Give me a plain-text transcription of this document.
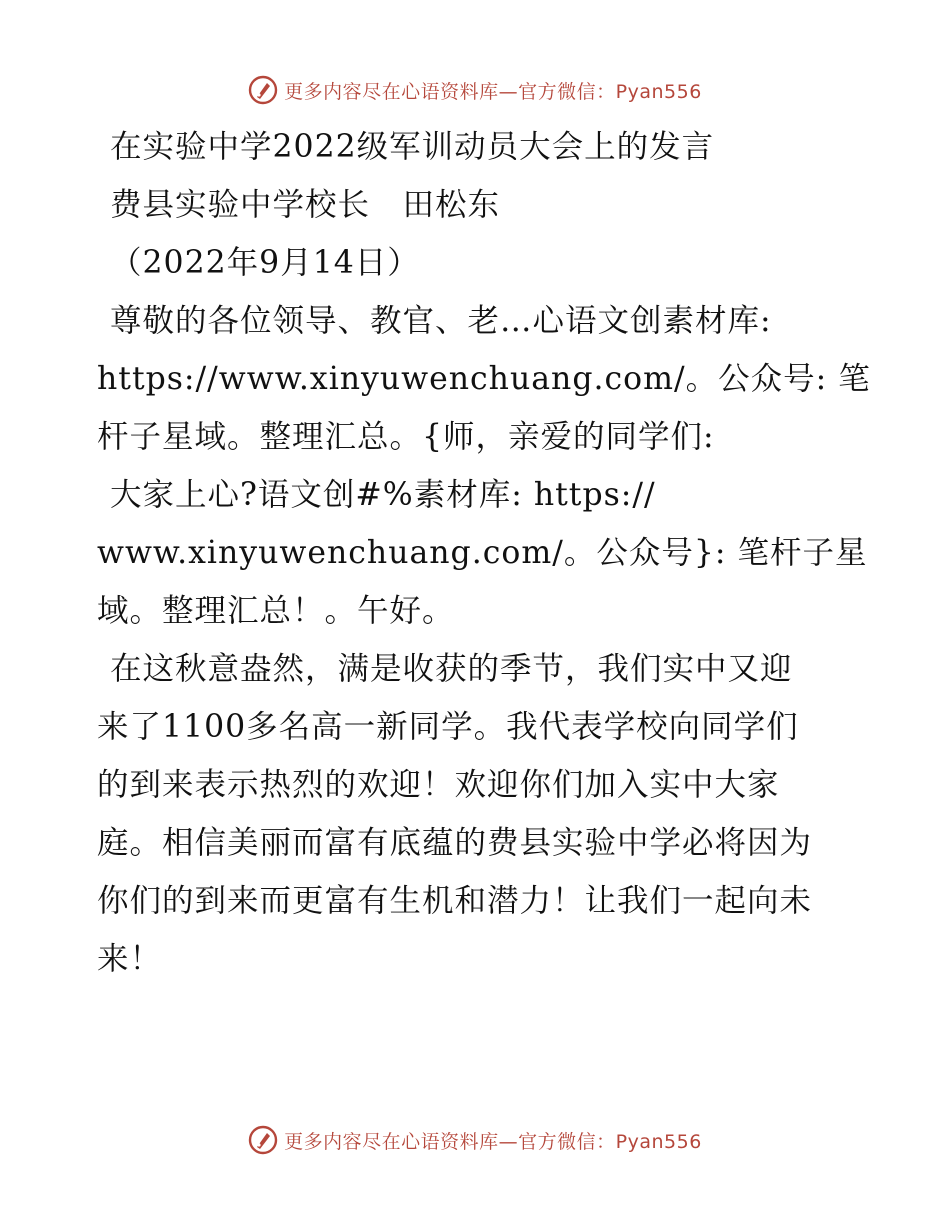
更多内容尽在心语资料库—官方微信：Pyan556
在实验中学2022级军训动员大会上的发言
费县实验中学校长　田松东
（2022年9月14日）
尊敬的各位领导、教官、老…心语文创素材库:
https://www.xinyuwenchuang.com/。公众号: 笔
杆子星域。整理汇总。{师，亲爱的同学们:
大家上心?语文创#%素材库: https://
www.xinyuwenchuang.com/。公众号}: 笔杆子星
域。整理汇总！。午好。
在这秋意盎然，满是收获的季节，我们实中又迎
来了1100多名高一新同学。我代表学校向同学们
的到来表示热烈的欢迎！欢迎你们加入实中大家
庭。相信美丽而富有底蕴的费县实验中学必将因为
你们的到来而更富有生机和潜力！让我们一起向未
来！
更多内容尽在心语资料库—官方微信：Pyan556
